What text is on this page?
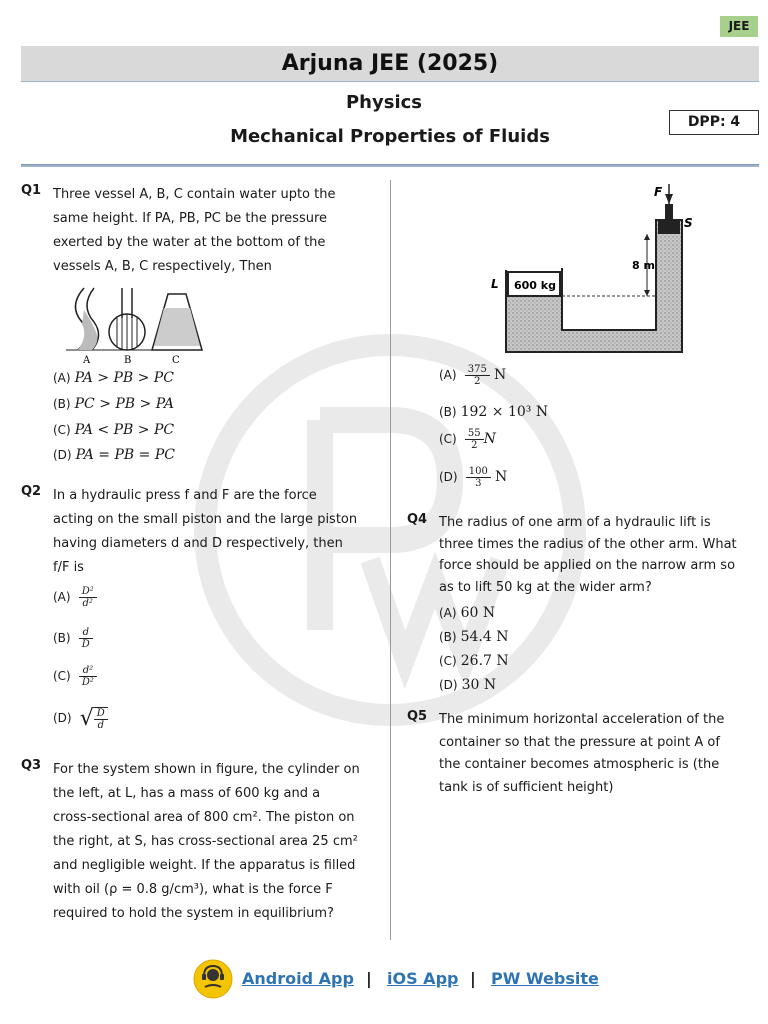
JEE
Arjuna JEE (2025)
Physics
Mechanical Properties of Fluids
DPP: 4
Q1 Three vessel A, B, C contain water upto the
same height. If PA, PB, PC be the pressure
exerted by the water at the bottom of the
vessels A, B, C respectively, Then
A	B	C
(A) PA > PB > PC
(B) PC > PB > PA
(C) PA < PB > PC
(D) PA = PB = PC
Q2 In a hydraulic press f and F are the force
acting on the small piston and the large piston
having diameters d and D respectively, then
f/F is
$(A) \frac{\text{D²}}{\text{d²}}$
$(B) \frac{d}{D}$
$(C) \frac{\text{d²}}{\text{D²}}$
(D) √ $\frac{D}{d}$
Q3 For the system shown in figure, the cylinder on
the left, at L, has a mass of 600 kg and a
cross-sectional area of 800 cm². The piston on
the right, at S, has cross-sectional area 25 cm²
and negligible weight. If the apparatus is filled
with oil (ρ = 0.8 g/cm³), what is the force F
required to hold the system in equilibrium?
600 kg
8 m
F
S
L
$(A) \frac{375}{2}$ N
(B) 192 × 10³ N
$(C) \frac{55}{2}$ N
$(D) \frac{100}{3}$ N
Q4 The radius of one arm of a hydraulic lift is
three times the radius of the other arm. What
force should be applied on the narrow arm so
as to lift 50 kg at the wider arm?
(A) 60 N
(B) 54.4 N
(C) 26.7 N
(D) 30 N
Q5 The minimum horizontal acceleration of the
container so that the pressure at point A of
the container becomes atmospheric is (the
tank is of sufficient height)
Android App | iOS App | PW Website
